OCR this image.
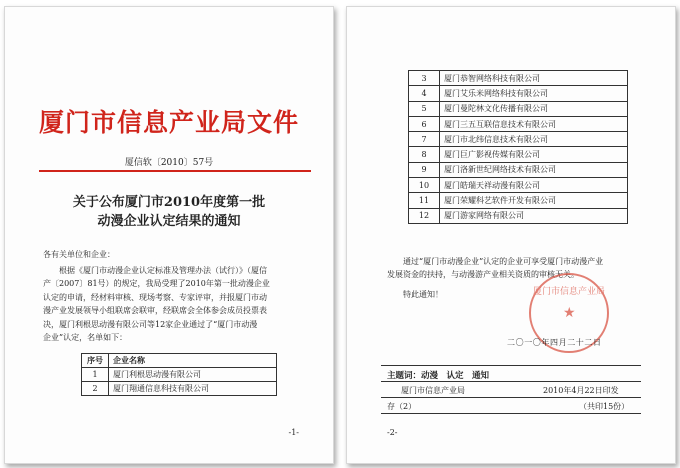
厦门市信息产业局文件
厦信软〔2010〕57号
关于公布厦门市2010年度第一批
动漫企业认定结果的通知
各有关单位和企业：
根据《厦门市动漫企业认定标准及管理办法（试行）》（厦信
产〔2007〕81号）的规定，我局受理了2010年第一批动漫企业
认定的申请，经材料审核、现场考察、专家评审，并报厦门市动
漫产业发展领导小组联席会联审，经联席会全体参会成员投票表
决，厦门利根思动漫有限公司等12家企业通过了“厦门市动漫
企业”认定，名单如下：
序号	企业名称
1	厦门利根思动漫有限公司
2	厦门翔通信息科技有限公司
-1-
3	厦门恭智网络科技有限公司
4	厦门艾乐米网络科技有限公司
5	厦门曼陀林文化传播有限公司
6	厦门三五互联信息技术有限公司
7	厦门市北纬信息技术有限公司
8	厦门巨广影视传媒有限公司
9	厦门洛新世纪网络技术有限公司
10	厦门皓瑞天祥动漫有限公司
11	厦门荣耀科艺软件开发有限公司
12	厦门游家网络有限公司
通过“厦门市动漫企业”认定的企业可享受厦门市动漫产业
发展资金的扶持，与动漫游产业相关资质的审核无关。
特此通知！	厦门市信息产业局
★
二〇一〇年四月二十二日
主题词：动漫　认定　通知
厦门市信息产业局	2010年4月22日印发
存（2）	（共印15份）
-2-
